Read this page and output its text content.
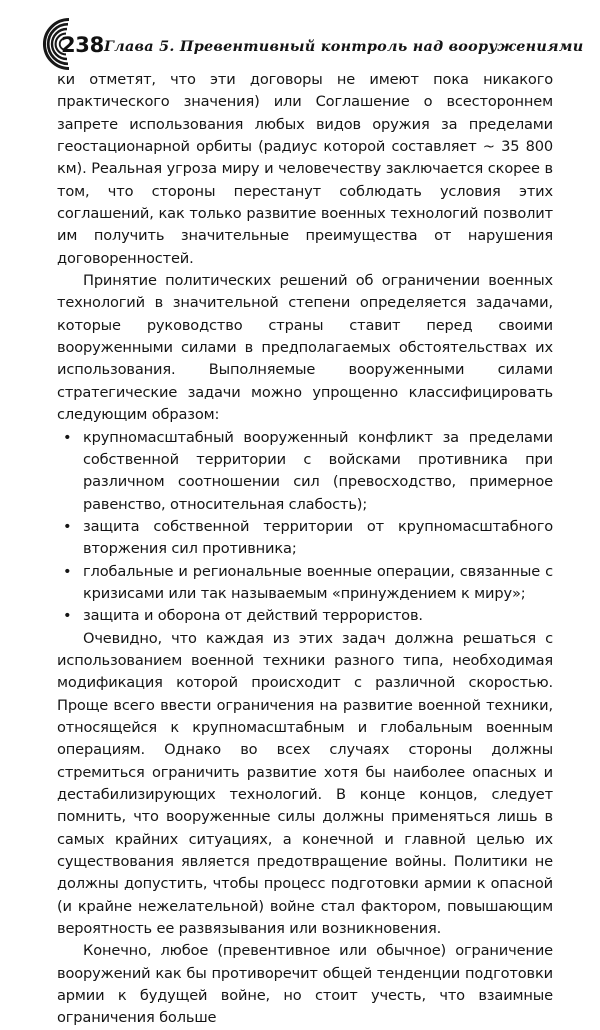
238 Глава 5. Превентивный контроль над вооружениями

ки отметят, что эти договоры не имеют пока никакого практического значения) или Соглашение о всестороннем запрете использования любых видов оружия за пределами геостационарной орбиты (радиус которой составляет ~ 35 800 км). Реальная угроза миру и человечеству заключается скорее в том, что стороны перестанут соблюдать условия этих соглашений, как только развитие военных технологий позволит им получить значительные преимущества от нарушения договоренностей.

Принятие политических решений об ограничении военных технологий в значительной степени определяется задачами, которые руководство страны ставит перед своими вооруженными силами в предполагаемых обстоятельствах их использования. Выполняемые вооруженными силами стратегические задачи можно упрощенно классифицировать следующим образом:

• крупномасштабный вооруженный конфликт за пределами собственной территории с войсками противника при различном соотношении сил (превосходство, примерное равенство, относительная слабость);
• защита собственной территории от крупномасштабного вторжения сил противника;
• глобальные и региональные военные операции, связанные с кризисами или так называемым «принуждением к миру»;
• защита и оборона от действий террористов.

Очевидно, что каждая из этих задач должна решаться с использованием военной техники разного типа, необходимая модификация которой происходит с различной скоростью. Проще всего ввести ограничения на развитие военной техники, относящейся к крупномасштабным и глобальным военным операциям. Однако во всех случаях стороны должны стремиться ограничить развитие хотя бы наиболее опасных и дестабилизирующих технологий. В конце концов, следует помнить, что вооруженные силы должны применяться лишь в самых крайних ситуациях, а конечной и главной целью их существования является предотвращение войны. Политики не должны допустить, чтобы процесс подготовки армии к опасной (и крайне нежелательной) войне стал фактором, повышающим вероятность ее развязывания или возникновения.

Конечно, любое (превентивное или обычное) ограничение вооружений как бы противоречит общей тенденции подготовки армии к будущей войне, но стоит учесть, что взаимные ограничения больше
